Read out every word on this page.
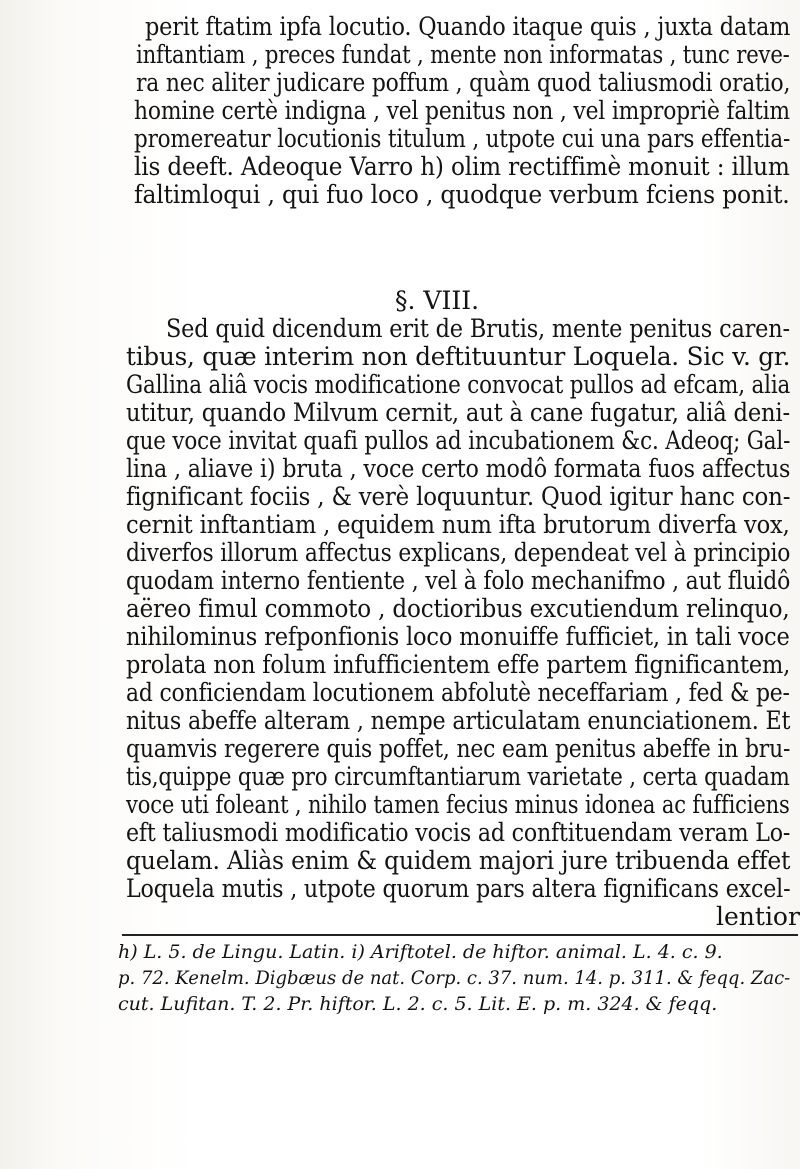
perit ftatim ipfa locutio. Quando itaque quis , juxta datam
inftantiam , preces fundat , mente non informatas , tunc reve-
ra nec aliter judicare poffum , quàm quod taliusmodi oratio,
homine certè indigna , vel penitus non , vel impropriè faltim
promereatur locutionis titulum , utpote cui una pars effentia-
lis deeft. Adeoque Varro h) olim rectiffimè monuit : illum
faltimloqui , qui fuo loco , quodque verbum fciens ponit.
§. VIII.
Sed quid dicendum erit de Brutis, mente penitus caren-
tibus, quæ interim non deftituuntur Loquela. Sic v. gr.
Gallina aliâ vocis modificatione convocat pullos ad efcam, alia
utitur, quando Milvum cernit, aut à cane fugatur, aliâ deni-
que voce invitat quafi pullos ad incubationem &c. Adeoq; Gal-
lina , aliave i) bruta , voce certo modô formata fuos affectus
fignificant fociis , & verè loquuntur. Quod igitur hanc con-
cernit inftantiam , equidem num ifta brutorum diverfa vox,
diverfos illorum affectus explicans, dependeat vel à principio
quodam interno fentiente , vel à folo mechanifmo , aut fluidô
aëreo fimul commoto , doctioribus excutiendum relinquo,
nihilominus refponfionis loco monuiffe fufficiet, in tali voce
prolata non folum infufficientem effe partem fignificantem,
ad conficiendam locutionem abfolutè neceffariam , fed & pe-
nitus abeffe alteram , nempe articulatam enunciationem. Et
quamvis regerere quis poffet, nec eam penitus abeffe in bru-
tis,quippe quæ pro circumftantiarum varietate , certa quadam
voce uti foleant , nihilo tamen fecius minus idonea ac fufficiens
eft taliusmodi modificatio vocis ad conftituendam veram Lo-
quelam. Aliàs enim & quidem majori jure tribuenda effet
Loquela mutis , utpote quorum pars altera fignificans excel-
lentior
h) L. 5. de Lingu. Latin. i) Ariftotel. de hiftor. animal. L. 4. c. 9.
p. 72. Kenelm. Digbæus de nat. Corp. c. 37. num. 14. p. 311. & feqq. Zac-
cut. Lufitan. T. 2. Pr. hiftor. L. 2. c. 5. Lit. E. p. m. 324. & feqq.
